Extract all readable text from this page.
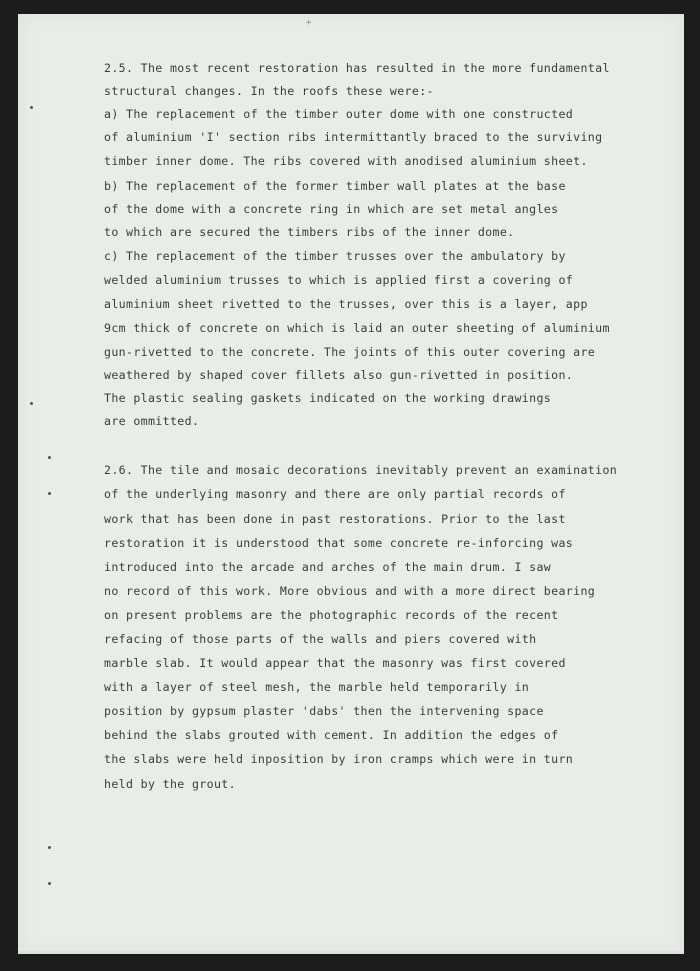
+

2.5. The most recent restoration has resulted in the more fundamental

structural changes. In the roofs these were:-

a) The replacement of the timber outer dome with one constructed

of aluminium 'I' section ribs intermittantly braced to the surviving

timber inner dome. The ribs covered with anodised aluminium sheet.

b) The replacement of the former timber wall plates at the base

of the dome with a concrete ring in which are set metal angles

to which are secured the timbers ribs of the inner dome.

c) The replacement of the timber trusses over the ambulatory by

welded aluminium trusses to which is applied first a covering of

aluminium sheet rivetted to the trusses, over this is a layer, app

9cm thick of concrete on which is laid an outer sheeting of aluminium

gun-rivetted to the concrete. The joints of this outer covering are

weathered by shaped cover fillets also gun-rivetted in position.

The plastic sealing gaskets indicated on the working drawings

are ommitted.

2.6. The tile and mosaic decorations inevitably prevent an examination

of the underlying masonry and there are only partial records of

work that has been done in past restorations. Prior to the last

restoration it is understood that some concrete re-inforcing was

introduced into the arcade and arches of the main drum. I saw

no record of this work. More obvious and with a more direct bearing

on present problems are the photographic records of the recent

refacing of those parts of the walls and piers covered with

marble slab. It would appear that the masonry was first covered

with a layer of steel mesh, the marble held temporarily in

position by gypsum plaster 'dabs' then the intervening space

behind the slabs grouted with cement. In addition the edges of

the slabs were held inposition by iron cramps which were in turn

held by the grout.
